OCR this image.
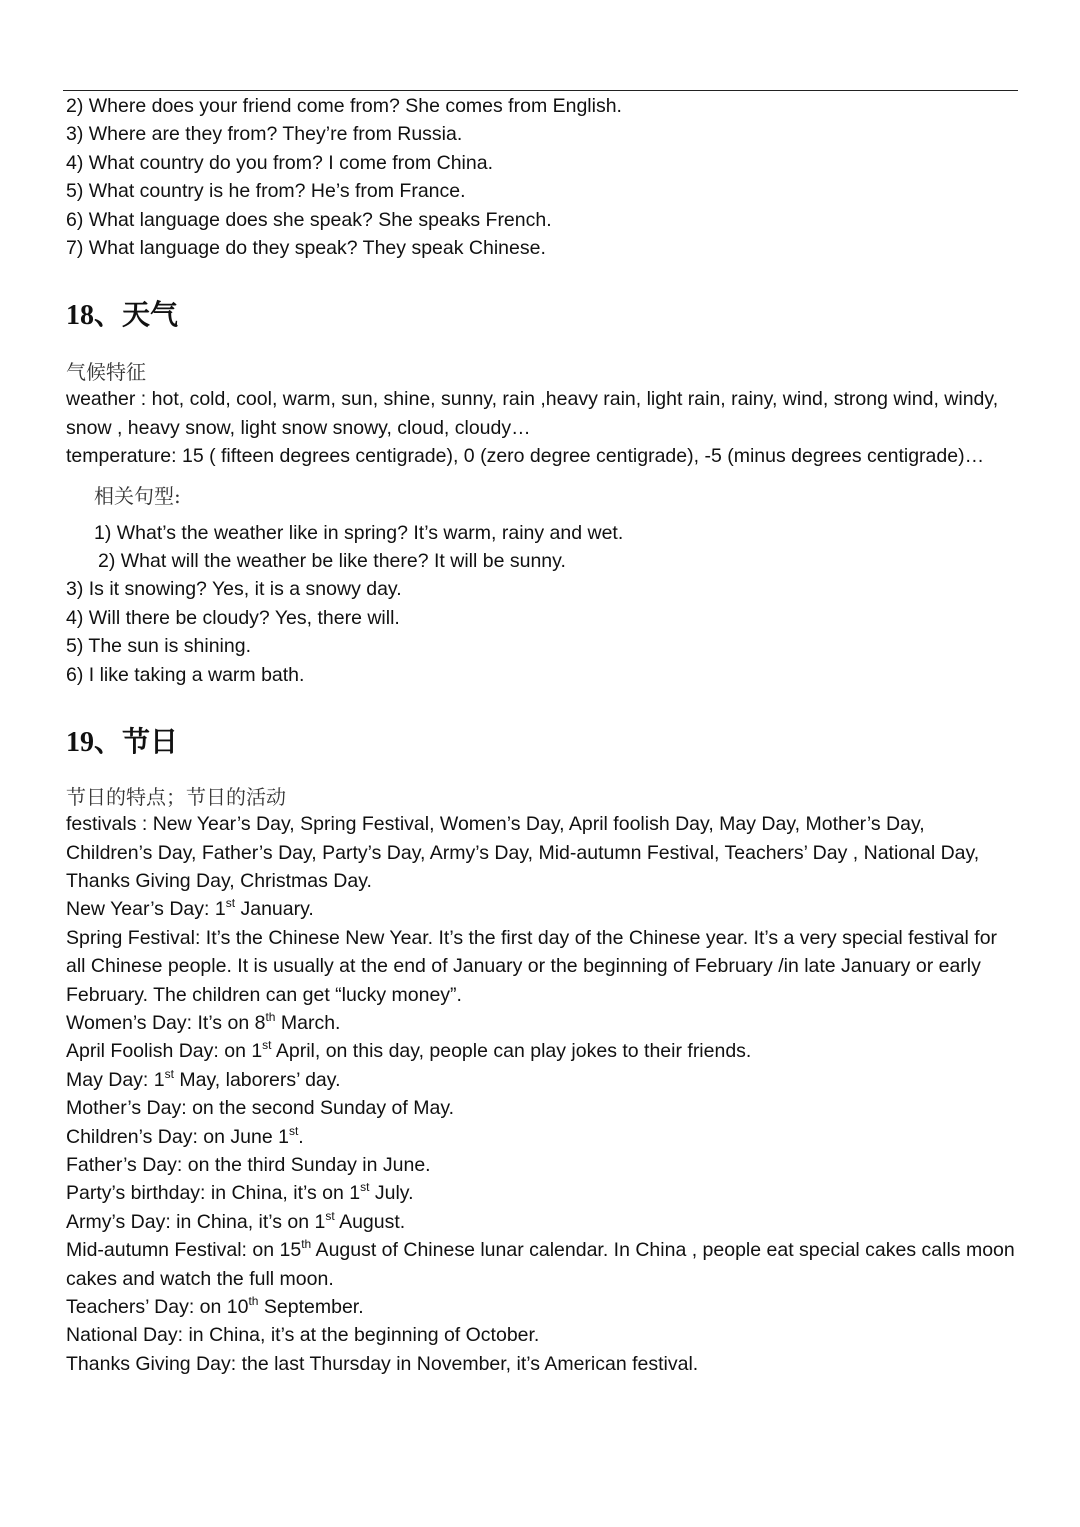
2) Where does your friend come from? She comes from English.
3) Where are they from? They’re from Russia.
4) What country do you from? I come from China.
5) What country is he from? He’s from France.
6) What language does she speak? She speaks French.
7) What language do they speak? They speak Chinese.
18、天气
气候特征
weather : hot, cold, cool, warm, sun, shine, sunny, rain ,heavy rain, light rain, rainy, wind, strong wind, windy, snow , heavy snow, light snow snowy, cloud, cloudy…
temperature: 15 ( fifteen degrees centigrade), 0 (zero degree centigrade), -5 (minus degrees centigrade)…
相关句型:
1) What’s the weather like in spring? It’s warm, rainy and wet.
2) What will the weather be like there? It will be sunny.
3) Is it snowing? Yes, it is a snowy day.
4) Will there be cloudy? Yes, there will.
5) The sun is shining.
6) I like taking a warm bath.
19、节日
节日的特点；节日的活动
festivals : New Year’s Day, Spring Festival, Women’s Day, April foolish Day, May Day, Mother’s Day, Children’s Day, Father’s Day, Party’s Day, Army’s Day, Mid-autumn Festival, Teachers’ Day , National Day, Thanks Giving Day, Christmas Day.
New Year’s Day: 1st January.
Spring Festival: It’s the Chinese New Year. It’s the first day of the Chinese year. It’s a very special festival for all Chinese people. It is usually at the end of January or the beginning of February /in late January or early February. The children can get “lucky money”.
Women’s Day: It’s on 8th March.
April Foolish Day: on 1st April, on this day, people can play jokes to their friends.
May Day: 1st May, laborers’ day.
Mother’s Day: on the second Sunday of May.
Children’s Day: on June 1st.
Father’s Day: on the third Sunday in June.
Party’s birthday: in China, it’s on 1st July.
Army’s Day: in China, it’s on 1st August.
Mid-autumn Festival: on 15th August of Chinese lunar calendar. In China , people eat special cakes calls moon cakes and watch the full moon.
Teachers’ Day: on 10th September.
National Day: in China, it’s at the beginning of October.
Thanks Giving Day: the last Thursday in November, it’s American festival.
